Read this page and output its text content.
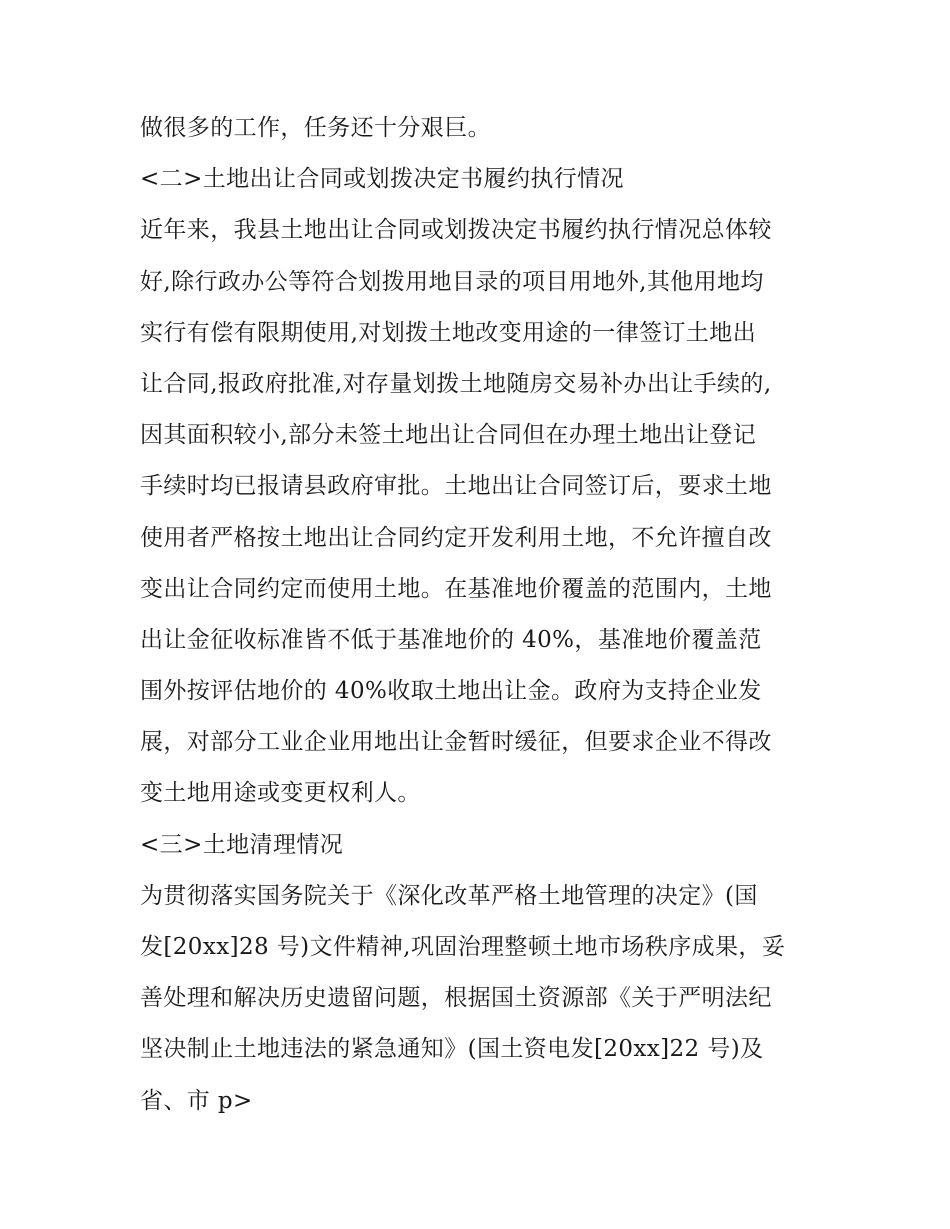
做很多的工作，任务还十分艰巨。
<二>土地出让合同或划拨决定书履约执行情况
近年来，我县土地出让合同或划拨决定书履约执行情况总体较
好,除行政办公等符合划拨用地目录的项目用地外,其他用地均
实行有偿有限期使用,对划拨土地改变用途的一律签订土地出
让合同,报政府批准,对存量划拨土地随房交易补办出让手续的,
因其面积较小,部分未签土地出让合同但在办理土地出让登记
手续时均已报请县政府审批。土地出让合同签订后，要求土地
使用者严格按土地出让合同约定开发利用土地，不允许擅自改
变出让合同约定而使用土地。在基准地价覆盖的范围内，土地
出让金征收标准皆不低于基准地价的 40%，基准地价覆盖范
围外按评估地价的 40%收取土地出让金。政府为支持企业发
展，对部分工业企业用地出让金暂时缓征，但要求企业不得改
变土地用途或变更权利人。
<三>土地清理情况
为贯彻落实国务院关于《深化改革严格土地管理的决定》(国
发[20xx]28 号)文件精神,巩固治理整顿土地市场秩序成果，妥
善处理和解决历史遗留问题，根据国土资源部《关于严明法纪
坚决制止土地违法的紧急通知》(国土资电发[20xx]22 号)及
省、市 p>
